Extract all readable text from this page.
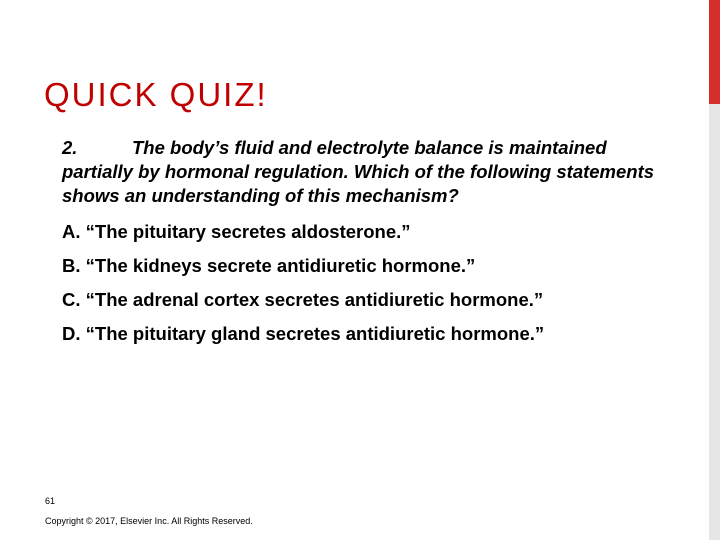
QUICK QUIZ!

2.	The body’s fluid and electrolyte balance is maintained partially by hormonal regulation. Which of the following statements shows an understanding of this mechanism?

A. “The pituitary secretes aldosterone.”
B. “The kidneys secrete antidiuretic hormone.”
C. “The adrenal cortex secretes antidiuretic hormone.”
D. “The pituitary gland secretes antidiuretic hormone.”
61
Copyright © 2017, Elsevier Inc. All Rights Reserved.
